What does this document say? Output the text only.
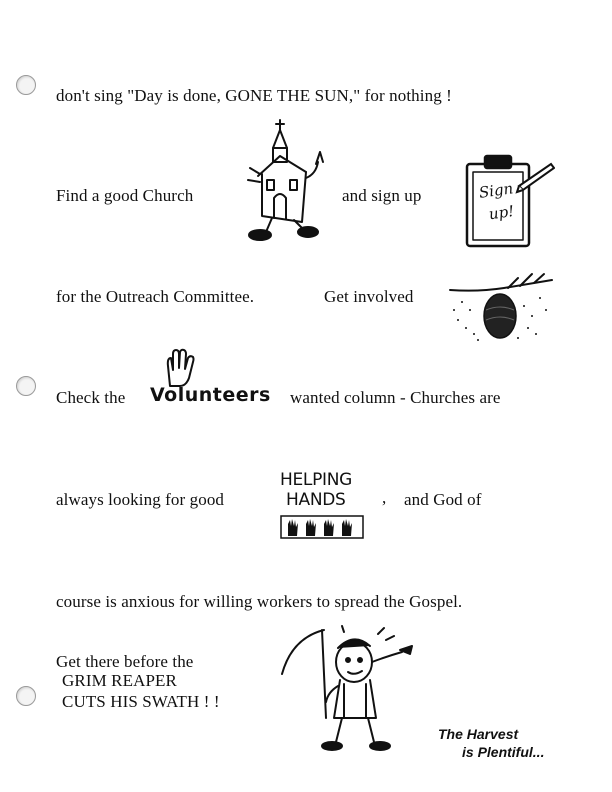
don't sing "Day is done, GONE THE SUN," for nothing !
Find a good Church	and sign up	Sign
up!
for the Outreach Committee.	Get involved
Check the Volunteers	wanted column - Churches are
always looking for good
HELPING
HANDS , and God of
course is anxious for willing workers to spread the Gospel.
Get there before the
GRIM REAPER
CUTS HIS SWATH ! !
The Harvest
is Plentiful...
